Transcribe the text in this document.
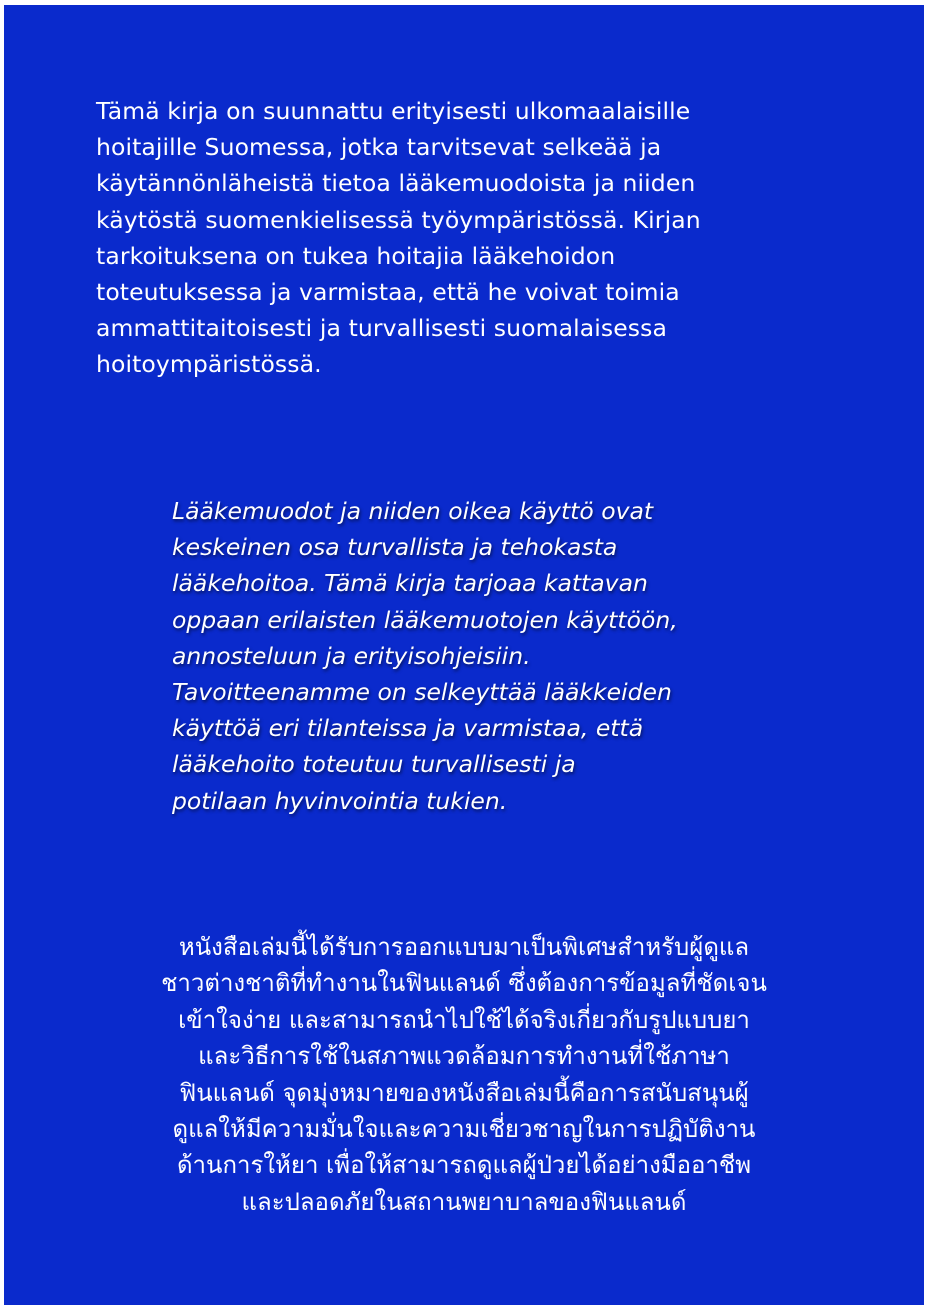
Tämä kirja on suunnattu erityisesti ulkomaalaisille
hoitajille Suomessa, jotka tarvitsevat selkeää ja
käytännönläheistä tietoa lääkemuodoista ja niiden
käytöstä suomenkielisessä työympäristössä. Kirjan
tarkoituksena on tukea hoitajia lääkehoidon
toteutuksessa ja varmistaa, että he voivat toimia
ammattitaitoisesti ja turvallisesti suomalaisessa
hoitoympäristössä.

Lääkemuodot ja niiden oikea käyttö ovat
keskeinen osa turvallista ja tehokasta
lääkehoitoa. Tämä kirja tarjoaa kattavan
oppaan erilaisten lääkemuotojen käyttöön,
annosteluun ja erityisohjeisiin.
Tavoitteenamme on selkeyttää lääkkeiden
käyttöä eri tilanteissa ja varmistaa, että
lääkehoito toteutuu turvallisesti ja
potilaan hyvinvointia tukien.

หนังสือเล่มนี้ได้รับการออกแบบมาเป็นพิเศษสำหรับผู้ดูแล
ชาวต่างชาติที่ทำงานในฟินแลนด์ ซึ่งต้องการข้อมูลที่ชัดเจน
เข้าใจง่าย และสามารถนำไปใช้ได้จริงเกี่ยวกับรูปแบบยา
และวิธีการใช้ในสภาพแวดล้อมการทำงานที่ใช้ภาษา
ฟินแลนด์ จุดมุ่งหมายของหนังสือเล่มนี้คือการสนับสนุนผู้
ดูแลให้มีความมั่นใจและความเชี่ยวชาญในการปฏิบัติงาน
ด้านการให้ยา เพื่อให้สามารถดูแลผู้ป่วยได้อย่างมืออาชีพ
และปลอดภัยในสถานพยาบาลของฟินแลนด์
